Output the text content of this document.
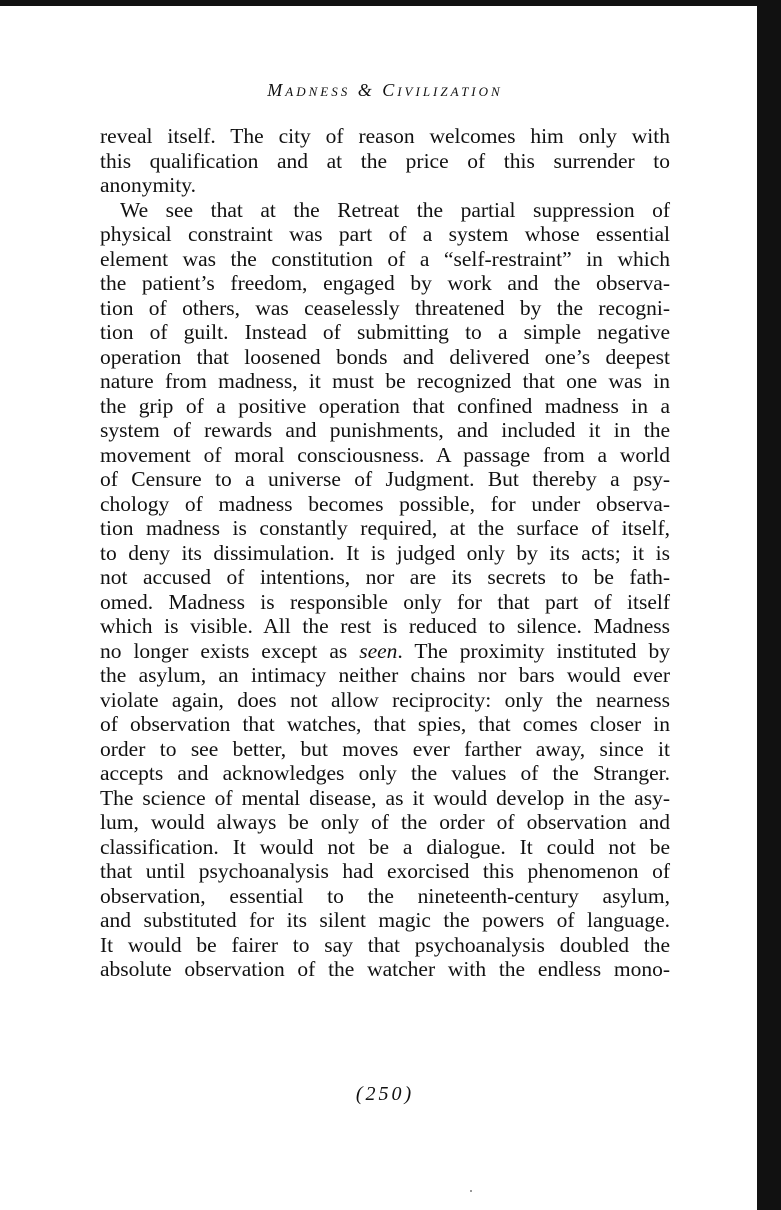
Madness & Civilization
reveal itself. The city of reason welcomes him only with
this qualification and at the price of this surrender to
anonymity.
We see that at the Retreat the partial suppression of
physical constraint was part of a system whose essential
element was the constitution of a “self-restraint” in which
the patient’s freedom, engaged by work and the observa-
tion of others, was ceaselessly threatened by the recogni-
tion of guilt. Instead of submitting to a simple negative
operation that loosened bonds and delivered one’s deepest
nature from madness, it must be recognized that one was in
the grip of a positive operation that confined madness in a
system of rewards and punishments, and included it in the
movement of moral consciousness. A passage from a world
of Censure to a universe of Judgment. But thereby a psy-
chology of madness becomes possible, for under observa-
tion madness is constantly required, at the surface of itself,
to deny its dissimulation. It is judged only by its acts; it is
not accused of intentions, nor are its secrets to be fath-
omed. Madness is responsible only for that part of itself
which is visible. All the rest is reduced to silence. Madness
no longer exists except as seen. The proximity instituted by
the asylum, an intimacy neither chains nor bars would ever
violate again, does not allow reciprocity: only the nearness
of observation that watches, that spies, that comes closer in
order to see better, but moves ever farther away, since it
accepts and acknowledges only the values of the Stranger.
The science of mental disease, as it would develop in the asy-
lum, would always be only of the order of observation and
classification. It would not be a dialogue. It could not be
that until psychoanalysis had exorcised this phenomenon of
observation, essential to the nineteenth-century asylum,
and substituted for its silent magic the powers of language.
It would be fairer to say that psychoanalysis doubled the
absolute observation of the watcher with the endless mono-
(250)
